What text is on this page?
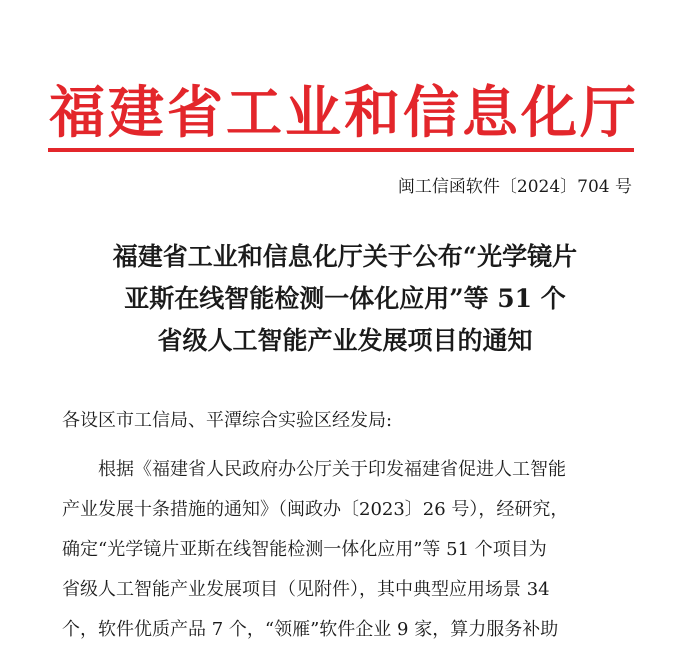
福建省工业和信息化厅
闽工信函软件〔2024〕704 号
福建省工业和信息化厅关于公布“光学镜片
亚斯在线智能检测一体化应用”等 51 个
省级人工智能产业发展项目的通知
各设区市工信局、平潭综合实验区经发局:
根据《福建省人民政府办公厅关于印发福建省促进人工智能
产业发展十条措施的通知》（闽政办〔2023〕26 号），经研究，
确定“光学镜片亚斯在线智能检测一体化应用”等 51 个项目为
省级人工智能产业发展项目（见附件），其中典型应用场景 34
个，软件优质产品 7 个，“领雁”软件企业 9 家，算力服务补助
